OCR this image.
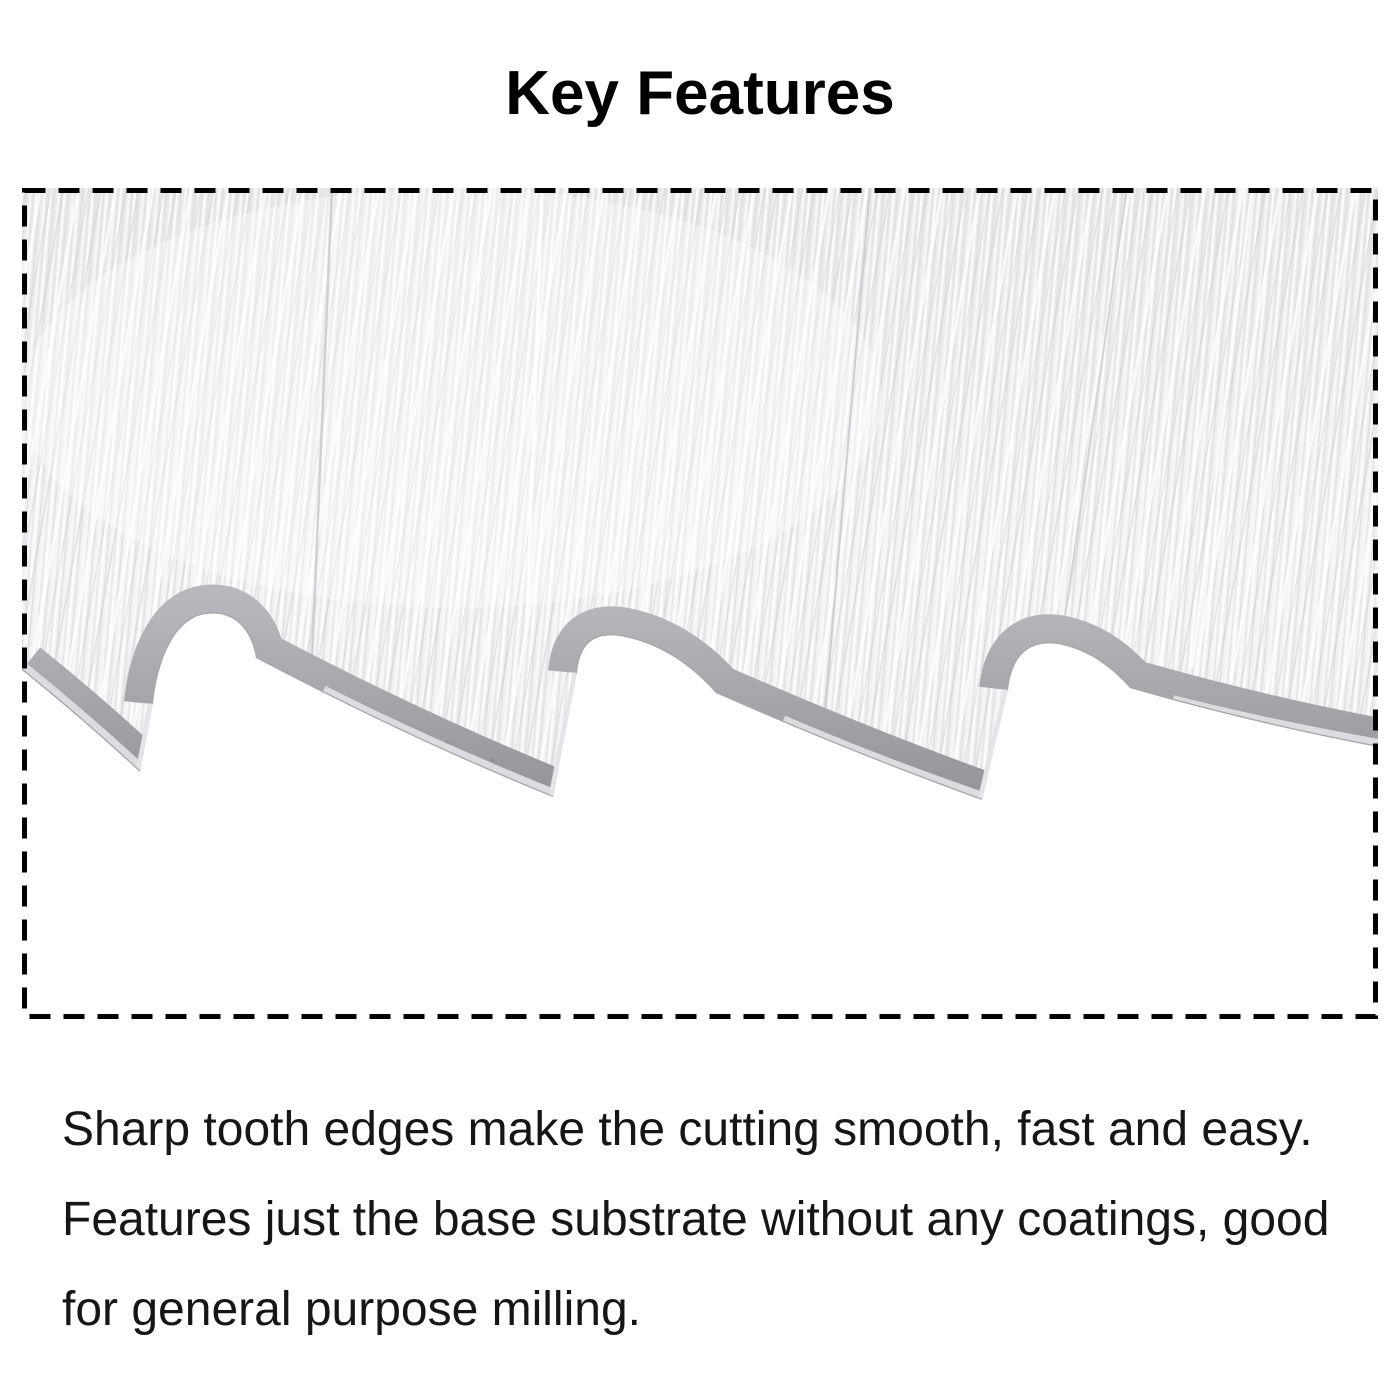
Key Features
Sharp tooth edges make the cutting smooth, fast and easy. Features just the base substrate without any coatings, good for general purpose milling.
